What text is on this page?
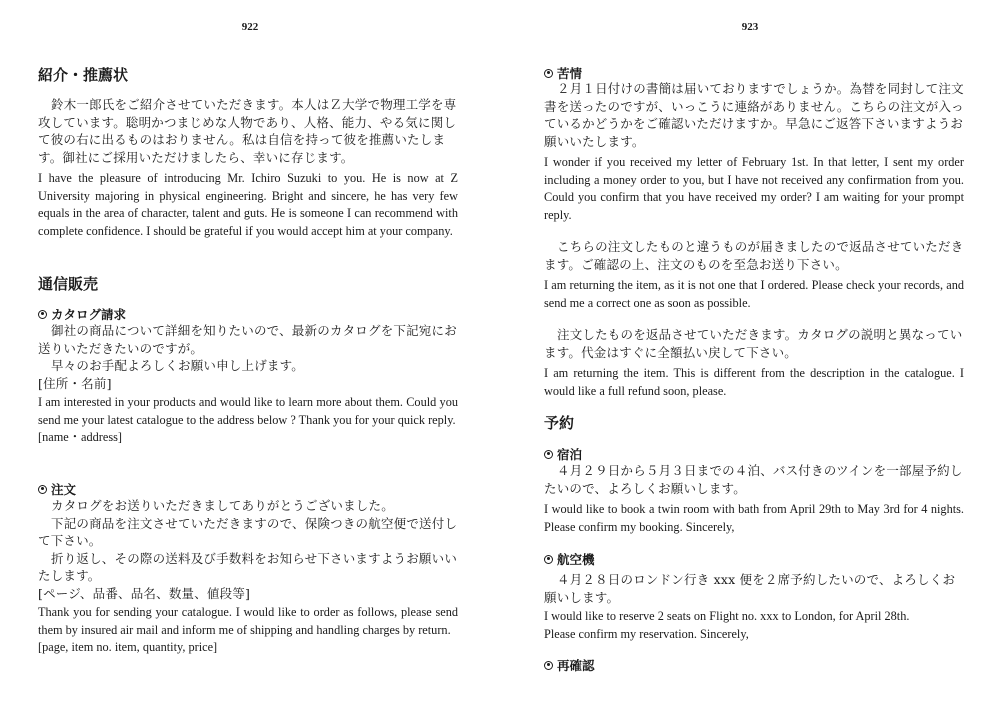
922
紹介・推薦状

鈴木一郎氏をご紹介させていただきます。本人はＺ大学で物理工学を専攻しています。聡明かつまじめな人物であり、人格、能力、やる気に関して彼の右に出るものはおりません。私は自信を持って彼を推薦いたします。御社にご採用いただけましたら、幸いに存じます。

I have the pleasure of introducing Mr. Ichiro Suzuki to you. He is now at Z University majoring in physical engineering. Bright and sincere, he has very few equals in the area of character, talent and guts. He is someone I can recommend with complete confidence. I should be grateful if you would accept him at your company.

通信販売
カタログ請求

御社の商品について詳細を知りたいので、最新のカタログを下記宛にお送りいただきたいのですが。

早々のお手配よろしくお願い申し上げます。

[住所・名前]

I am interested in your products and would like to learn more about them. Could you send me your latest catalogue to the address below ? Thank you for your quick reply.

[name・address]

注文

カタログをお送りいただきましてありがとうございました。

下記の商品を注文させていただきますので、保険つきの航空便で送付して下さい。

折り返し、その際の送料及び手数料をお知らせ下さいますようお願いいたします。

[ページ、品番、品名、数量、値段等]

Thank you for sending your catalogue. I would like to order as follows, please send them by insured air mail and inform me of shipping and handling charges by return.

[page, item no. item, quantity, price]

923
苦情

２月１日付けの書簡は届いておりますでしょうか。為替を同封して注文書を送ったのですが、いっこうに連絡がありません。こちらの注文が入っているかどうかをご確認いただけますか。早急にご返答下さいますようお願いいたします。

I wonder if you received my letter of February 1st. In that letter, I sent my order including a money order to you, but I have not received any confirmation from you. Could you confirm that you have received my order? I am waiting for your prompt reply.

こちらの注文したものと違うものが届きましたので返品させていただきます。ご確認の上、注文のものを至急お送り下さい。

I am returning the item, as it is not one that I ordered. Please check your records, and send me a correct one as soon as possible.

注文したものを返品させていただきます。カタログの説明と異なっています。代金はすぐに全額払い戻して下さい。

I am returning the item. This is different from the description in the catalogue. I would like a full refund soon, please.

予約
宿泊

４月２９日から５月３日までの４泊、バス付きのツインを一部屋予約したいので、よろしくお願いします。

I would like to book a twin room with bath from April 29th to May 3rd for 4 nights. Please confirm my booking. Sincerely,

航空機

４月２８日のロンドン行き xxx 便を２席予約したいので、よろしくお願いします。

I would like to reserve 2 seats on Flight no. xxx to London, for April 28th.

Please confirm my reservation. Sincerely,

再確認
